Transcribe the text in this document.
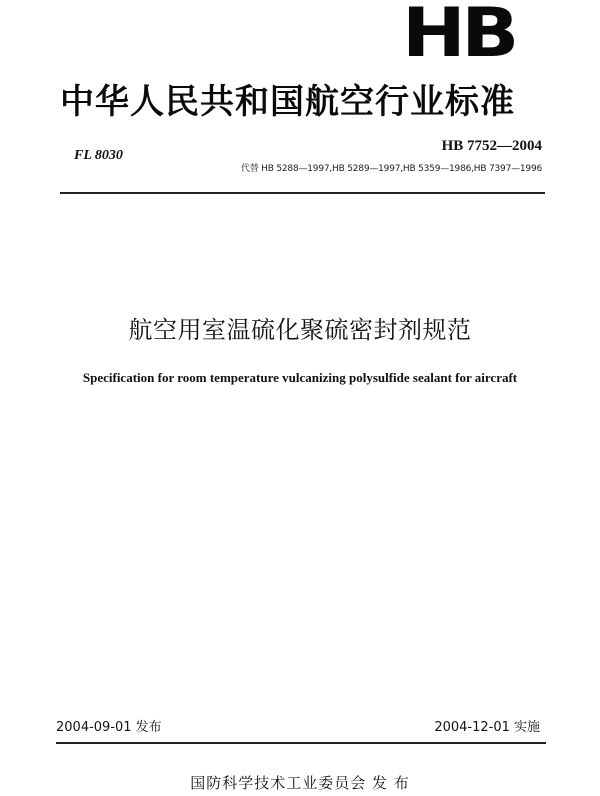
HB
中华人民共和国航空行业标准
FL 8030
HB 7752—2004
代替 HB 5288—1997,HB 5289—1997,HB 5359—1986,HB 7397—1996
航空用室温硫化聚硫密封剂规范
Specification for room temperature vulcanizing polysulfide sealant for aircraft
2004-09-01 发布	2004-12-01 实施
国防科学技术工业委员会 发 布
